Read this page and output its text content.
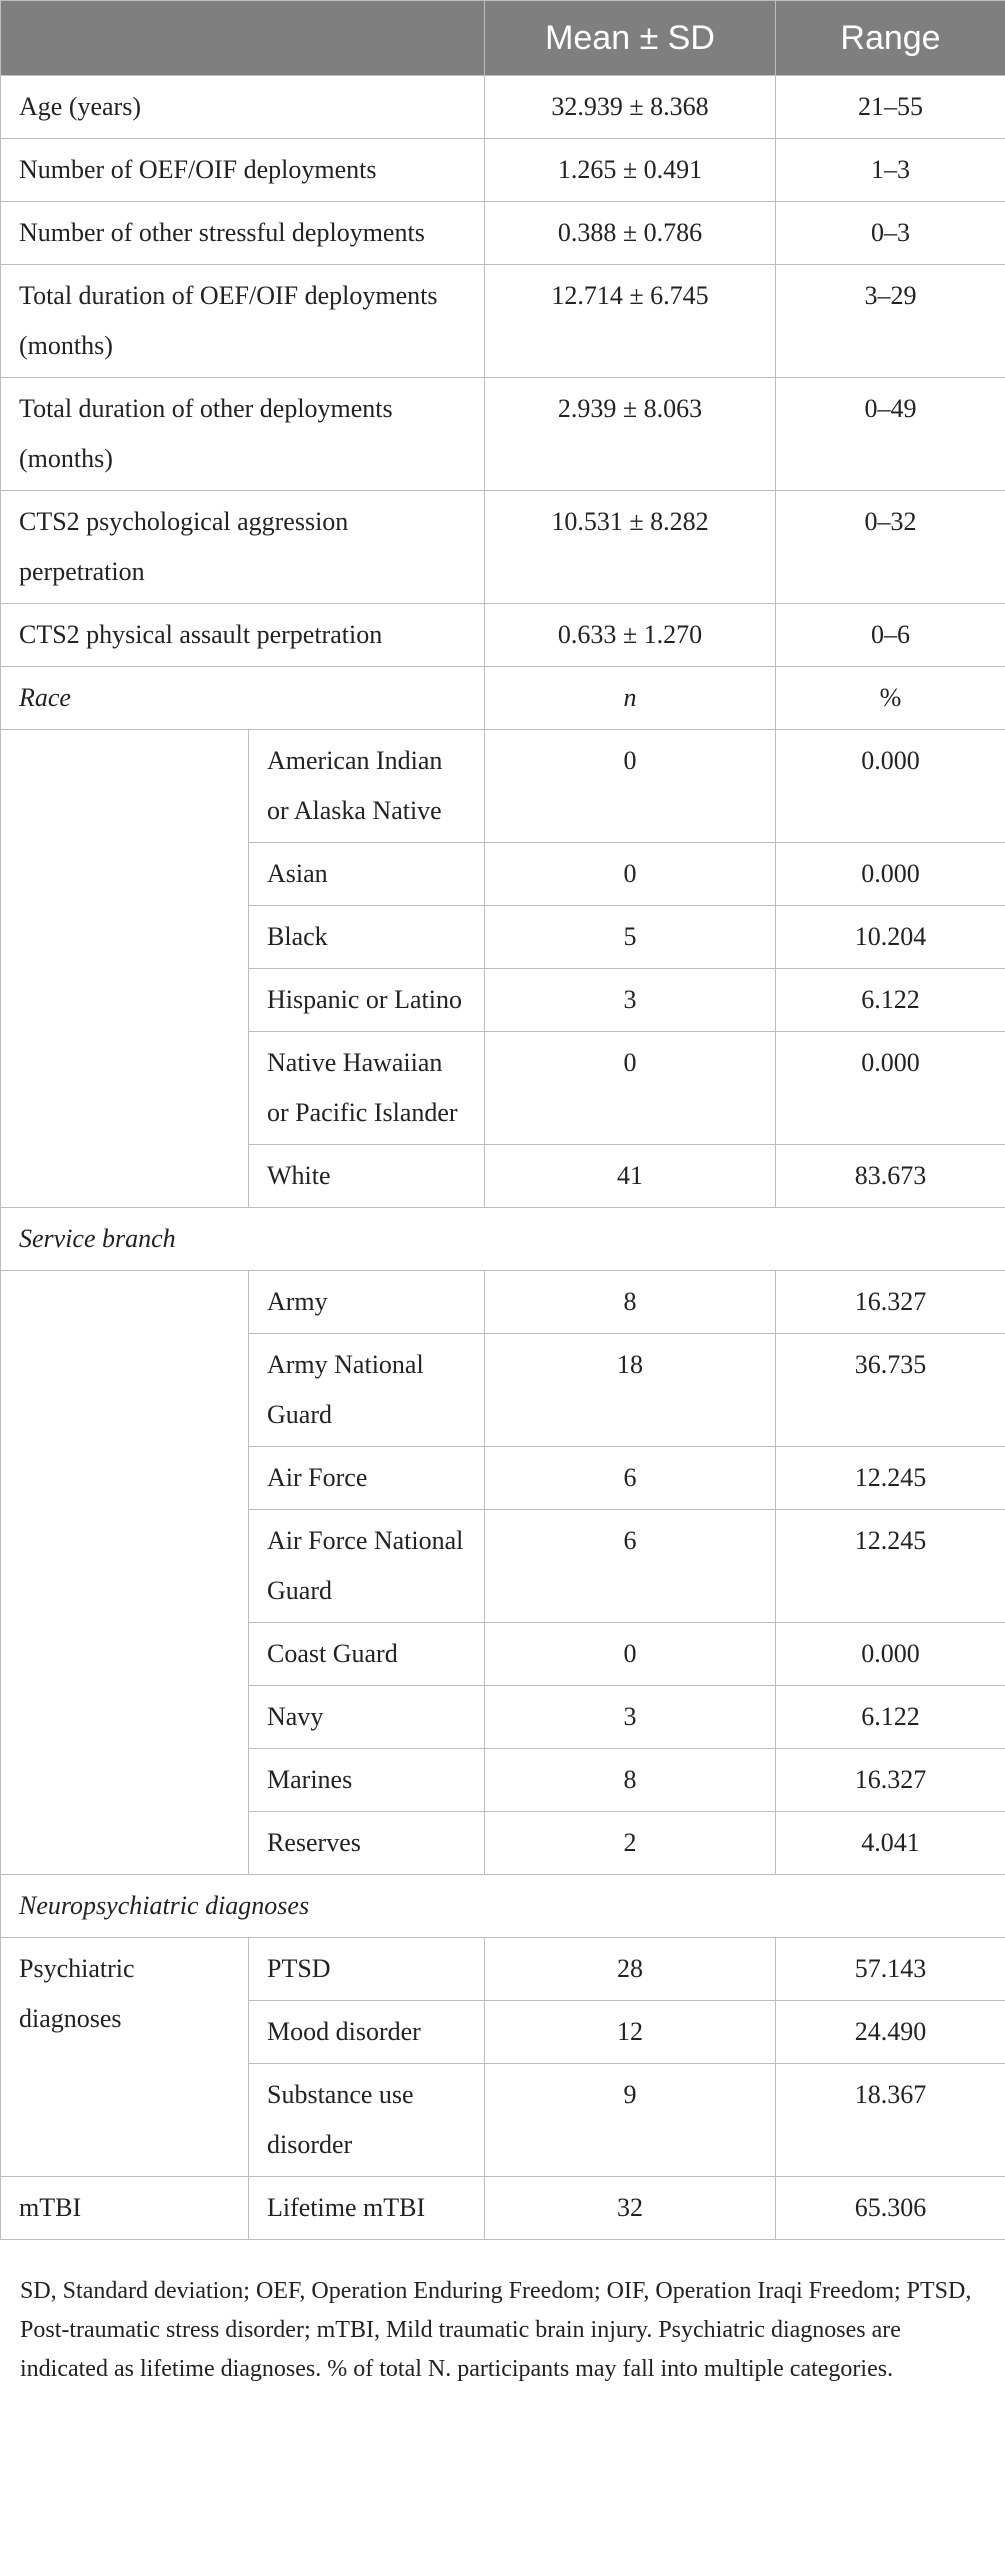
		Mean ± SD	Range
Age (years)		32.939 ± 8.368	21–55
Number of OEF/OIF deployments		1.265 ± 0.491	1–3
Number of other stressful deployments		0.388 ± 0.786	0–3
Total duration of OEF/OIF deployments (months)		12.714 ± 6.745	3–29
Total duration of other deployments (months)		2.939 ± 8.063	0–49
CTS2 psychological aggression perpetration		10.531 ± 8.282	0–32
CTS2 physical assault perpetration		0.633 ± 1.270	0–6
Race		n	%
	American Indian or Alaska Native	0	0.000
	Asian	0	0.000
	Black	5	10.204
	Hispanic or Latino	3	6.122
	Native Hawaiian or Pacific Islander	0	0.000
	White	41	83.673
Service branch			
	Army	8	16.327
	Army National Guard	18	36.735
	Air Force	6	12.245
	Air Force National Guard	6	12.245
	Coast Guard	0	0.000
	Navy	3	6.122
	Marines	8	16.327
	Reserves	2	4.041
Neuropsychiatric diagnoses			
Psychiatric diagnoses	PTSD	28	57.143
	Mood disorder	12	24.490
	Substance use disorder	9	18.367
mTBI	Lifetime mTBI	32	65.306

SD, Standard deviation; OEF, Operation Enduring Freedom; OIF, Operation Iraqi Freedom; PTSD, Post-traumatic stress disorder; mTBI, Mild traumatic brain injury. Psychiatric diagnoses are indicated as lifetime diagnoses. % of total N. participants may fall into multiple categories.
